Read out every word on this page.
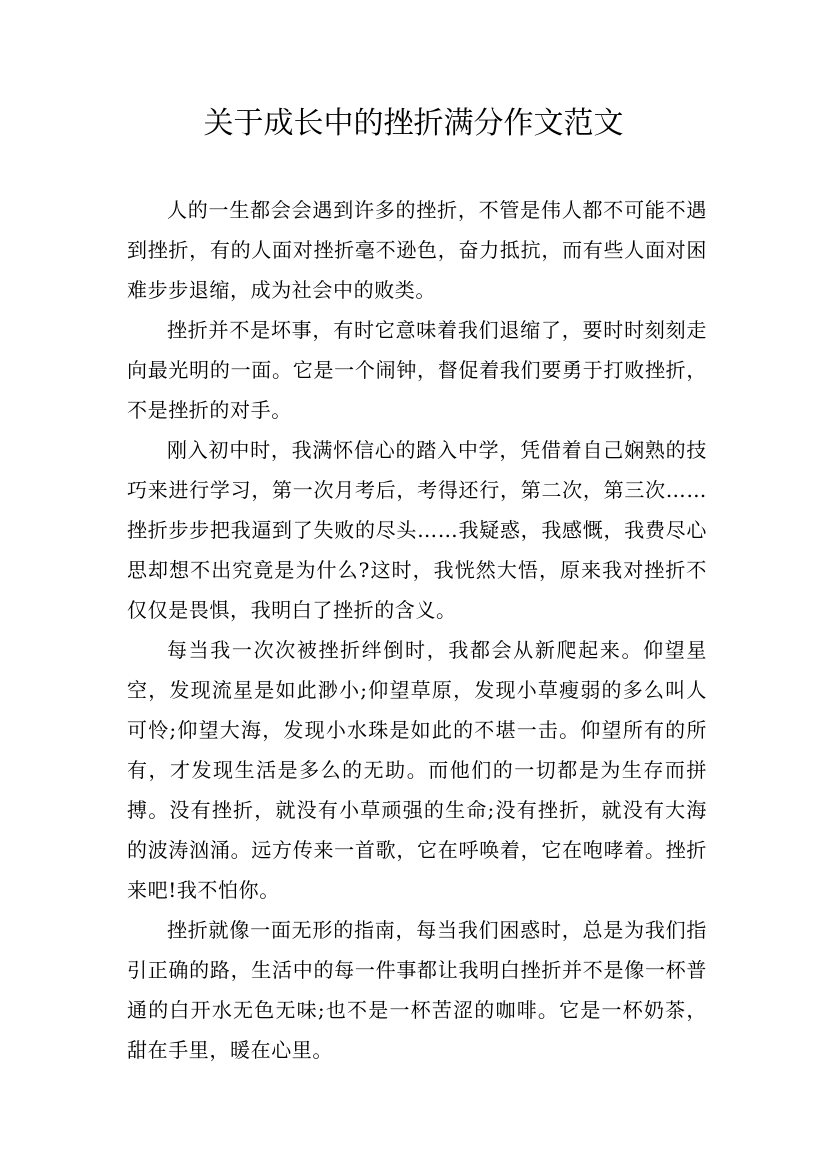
关于成长中的挫折满分作文范文

人的一生都会会遇到许多的挫折，不管是伟人都不可能不遇到挫折，有的人面对挫折毫不逊色，奋力抵抗，而有些人面对困难步步退缩，成为社会中的败类。

挫折并不是坏事，有时它意味着我们退缩了，要时时刻刻走向最光明的一面。它是一个闹钟，督促着我们要勇于打败挫折，不是挫折的对手。

刚入初中时，我满怀信心的踏入中学，凭借着自己娴熟的技巧来进行学习，第一次月考后，考得还行，第二次，第三次……挫折步步把我逼到了失败的尽头……我疑惑，我感慨，我费尽心思却想不出究竟是为什么?这时，我恍然大悟，原来我对挫折不仅仅是畏惧，我明白了挫折的含义。

每当我一次次被挫折绊倒时，我都会从新爬起来。仰望星空，发现流星是如此渺小;仰望草原，发现小草瘦弱的多么叫人可怜;仰望大海，发现小水珠是如此的不堪一击。仰望所有的所有，才发现生活是多么的无助。而他们的一切都是为生存而拼搏。没有挫折，就没有小草顽强的生命;没有挫折，就没有大海的波涛汹涌。远方传来一首歌，它在呼唤着，它在咆哮着。挫折来吧!我不怕你。

挫折就像一面无形的指南，每当我们困惑时，总是为我们指引正确的路，生活中的每一件事都让我明白挫折并不是像一杯普通的白开水无色无味;也不是一杯苦涩的咖啡。它是一杯奶茶，甜在手里，暖在心里。
